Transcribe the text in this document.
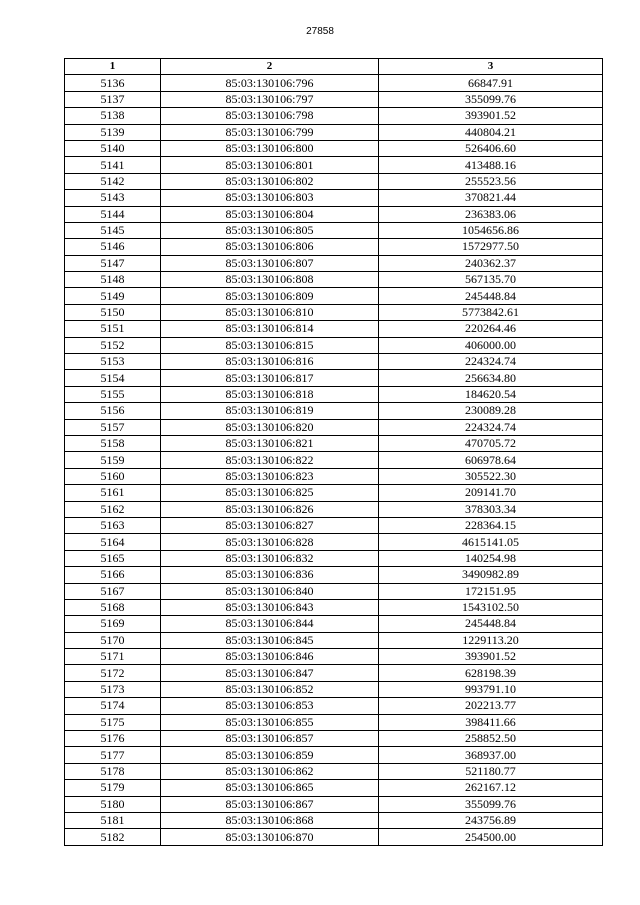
27858
1	2	3
5136	85:03:130106:796	66847.91
5137	85:03:130106:797	355099.76
5138	85:03:130106:798	393901.52
5139	85:03:130106:799	440804.21
5140	85:03:130106:800	526406.60
5141	85:03:130106:801	413488.16
5142	85:03:130106:802	255523.56
5143	85:03:130106:803	370821.44
5144	85:03:130106:804	236383.06
5145	85:03:130106:805	1054656.86
5146	85:03:130106:806	1572977.50
5147	85:03:130106:807	240362.37
5148	85:03:130106:808	567135.70
5149	85:03:130106:809	245448.84
5150	85:03:130106:810	5773842.61
5151	85:03:130106:814	220264.46
5152	85:03:130106:815	406000.00
5153	85:03:130106:816	224324.74
5154	85:03:130106:817	256634.80
5155	85:03:130106:818	184620.54
5156	85:03:130106:819	230089.28
5157	85:03:130106:820	224324.74
5158	85:03:130106:821	470705.72
5159	85:03:130106:822	606978.64
5160	85:03:130106:823	305522.30
5161	85:03:130106:825	209141.70
5162	85:03:130106:826	378303.34
5163	85:03:130106:827	228364.15
5164	85:03:130106:828	4615141.05
5165	85:03:130106:832	140254.98
5166	85:03:130106:836	3490982.89
5167	85:03:130106:840	172151.95
5168	85:03:130106:843	1543102.50
5169	85:03:130106:844	245448.84
5170	85:03:130106:845	1229113.20
5171	85:03:130106:846	393901.52
5172	85:03:130106:847	628198.39
5173	85:03:130106:852	993791.10
5174	85:03:130106:853	202213.77
5175	85:03:130106:855	398411.66
5176	85:03:130106:857	258852.50
5177	85:03:130106:859	368937.00
5178	85:03:130106:862	521180.77
5179	85:03:130106:865	262167.12
5180	85:03:130106:867	355099.76
5181	85:03:130106:868	243756.89
5182	85:03:130106:870	254500.00
